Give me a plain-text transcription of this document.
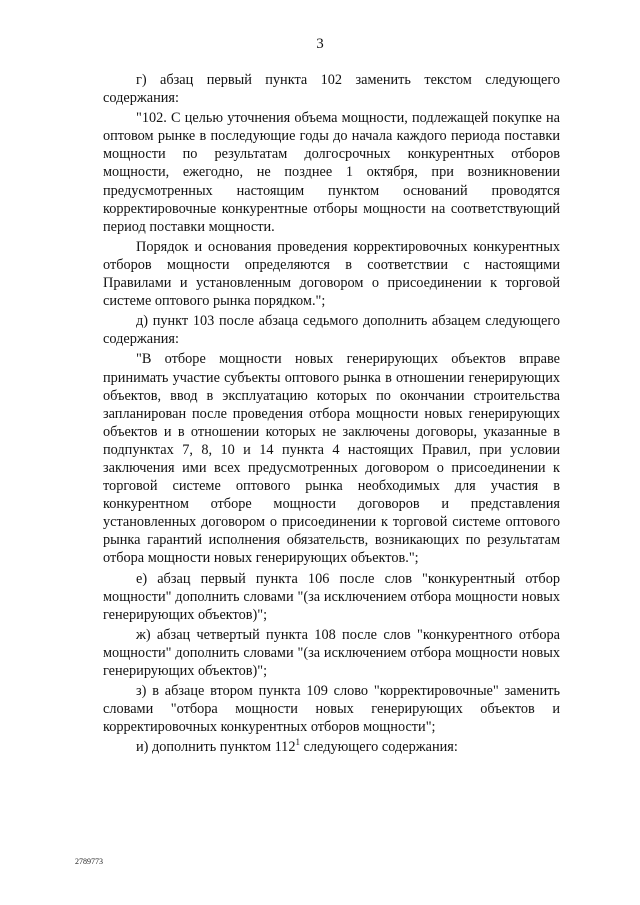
3

г) абзац первый пункта 102 заменить текстом следующего содержания:

"102. С целью уточнения объема мощности, подлежащей покупке на оптовом рынке в последующие годы до начала каждого периода поставки мощности по результатам долгосрочных конкурентных отборов мощности, ежегодно, не позднее 1 октября, при возникновении предусмотренных настоящим пунктом оснований проводятся корректировочные конкурентные отборы мощности на соответствующий период поставки мощности.

Порядок и основания проведения корректировочных конкурентных отборов мощности определяются в соответствии с настоящими Правилами и установленным договором о присоединении к торговой системе оптового рынка порядком.";

д) пункт 103 после абзаца седьмого дополнить абзацем следующего содержания:

"В отборе мощности новых генерирующих объектов вправе принимать участие субъекты оптового рынка в отношении генерирующих объектов, ввод в эксплуатацию которых по окончании строительства запланирован после проведения отбора мощности новых генерирующих объектов и в отношении которых не заключены договоры, указанные в подпунктах 7, 8, 10 и 14 пункта 4 настоящих Правил, при условии заключения ими всех предусмотренных договором о присоединении к торговой системе оптового рынка необходимых для участия в конкурентном отборе мощности договоров и представления установленных договором о присоединении к торговой системе оптового рынка гарантий исполнения обязательств, возникающих по результатам отбора мощности новых генерирующих объектов.";

е) абзац первый пункта 106 после слов "конкурентный отбор мощности" дополнить словами "(за исключением отбора мощности новых генерирующих объектов)";

ж) абзац четвертый пункта 108 после слов "конкурентного отбора мощности" дополнить словами "(за исключением отбора мощности новых генерирующих объектов)";

з) в абзаце втором пункта 109 слово "корректировочные" заменить словами "отбора мощности новых генерирующих объектов и корректировочных конкурентных отборов мощности";

и) дополнить пунктом $112^1$ следующего содержания:

2789773
